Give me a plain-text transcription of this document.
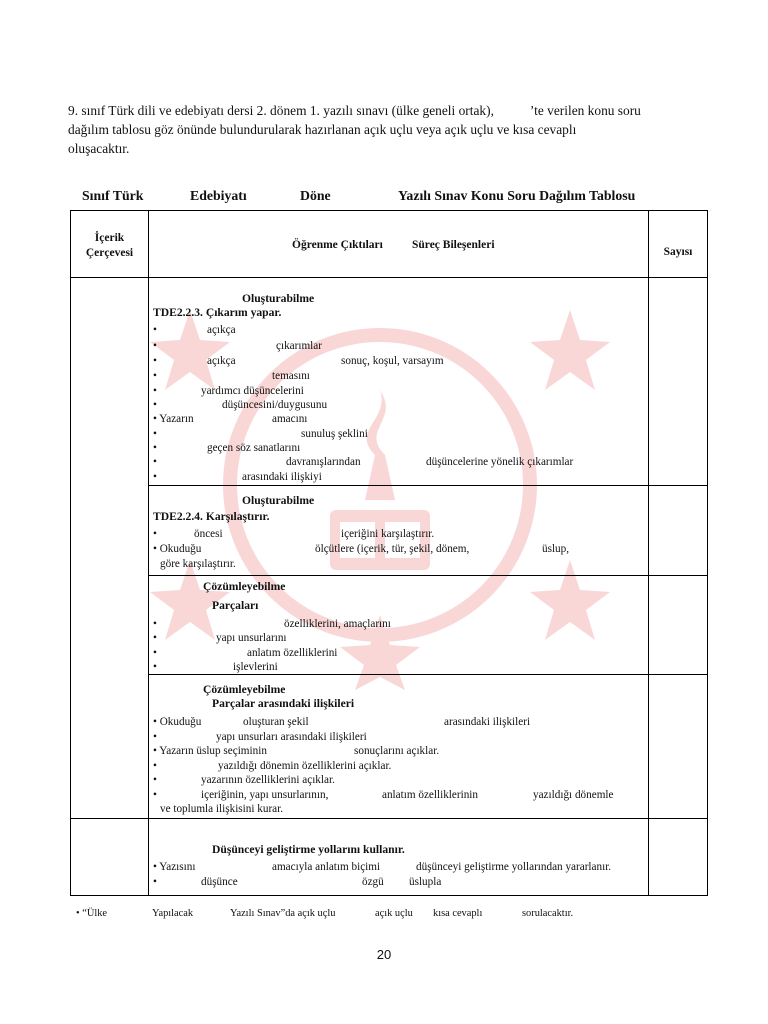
9. sınıf Türk dili ve edebiyatı dersi 2. dönem 1. yazılı sınavı (ülke geneli ortak),	’te verilen konu soru
dağılım tablosu göz önünde bulundurularak hazırlanan açık uçlu veya açık uçlu ve kısa cevaplı
oluşacaktır.
Sınıf Türk	Edebiyatı	Döne	Yazılı Sınav Konu Soru Dağılım Tablosu
İçerik
Çerçevesi
Öğrenme Çıktıları	Süreç Bileşenleri
Sayısı
Oluşturabilme
TDE2.2.3. Çıkarım yapar.
•	açıkça
•	çıkarımlar
•	açıkça	sonuç, koşul, varsayım
•	temasını
•	yardımcı düşüncelerini
•	düşüncesini/duygusunu
• Yazarın	amacını
•	sunuluş şeklini
•	geçen söz sanatlarını
•	davranışlarından	düşüncelerine yönelik çıkarımlar
•	arasındaki ilişkiyi
Oluşturabilme
TDE2.2.4. Karşılaştırır.
•	öncesi	içeriğini karşılaştırır.
• Okuduğu	ölçütlere (içerik, tür, şekil, dönem,	üslup,
göre karşılaştırır.
Çözümleyebilme
Parçaları
•	özelliklerini, amaçlarını
•	yapı unsurlarını
•	anlatım özelliklerini
•	işlevlerini
Çözümleyebilme
Parçalar arasındaki ilişkileri
• Okuduğu	oluşturan şekil	arasındaki ilişkileri
•	yapı unsurları arasındaki ilişkileri
• Yazarın üslup seçiminin	sonuçlarını açıklar.
•	yazıldığı dönemin özelliklerini açıklar.
•	yazarının özelliklerini açıklar.
•	içeriğinin, yapı unsurlarının,	anlatım özelliklerinin	yazıldığı dönemle
ve toplumla ilişkisini kurar.
Düşünceyi geliştirme yollarını kullanır.
• Yazısını	amacıyla anlatım biçimi	düşünceyi geliştirme yollarından yararlanır.
•	düşünce	özgü üslupla
• “Ülke	Yapılacak	Yazılı Sınav”da açık uçlu	açık uçlu kısa cevaplı	sorulacaktır.
20
